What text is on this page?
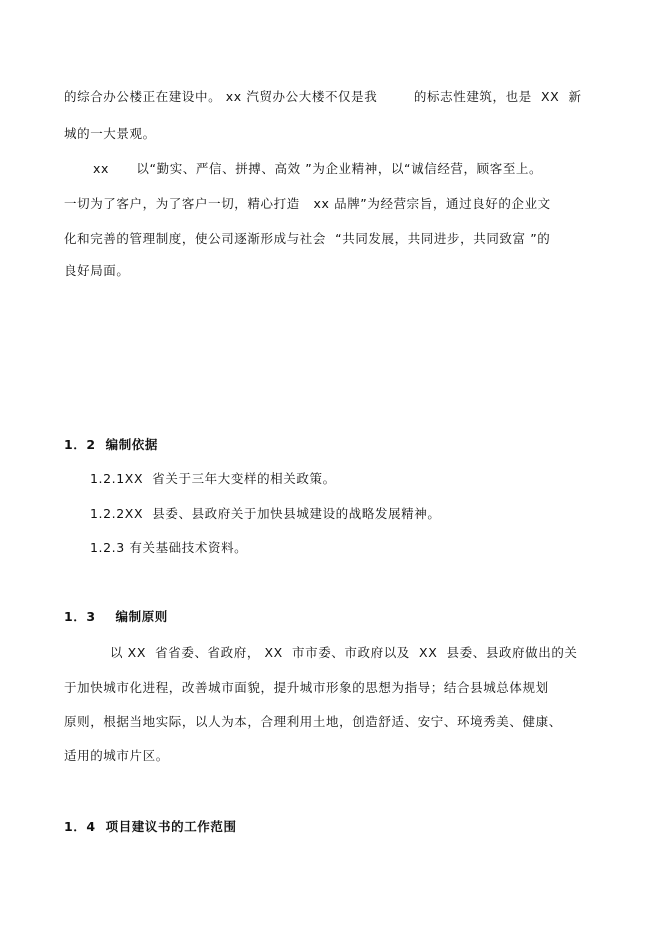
的综合办公楼正在建设中。 xx 汽贸办公大楼不仅是我        的标志性建筑，也是  XX  新
城的一大景观。
xx      以“勤实、严信、拼搏、高效 ”为企业精神，以“诚信经营，顾客至上。
一切为了客户，为了客户一切，精心打造   xx 品牌”为经营宗旨，通过良好的企业文
化和完善的管理制度，使公司逐渐形成与社会  “共同发展，共同进步，共同致富 ”的
良好局面。
1．2  编制依据
1.2.1XX  省关于三年大变样的相关政策。
1.2.2XX  县委、县政府关于加快县城建设的战略发展精神。
1.2.3 有关基础技术资料。
1．3    编制原则
以 XX  省省委、省政府， XX  市市委、市政府以及  XX  县委、县政府做出的关
于加快城市化进程，改善城市面貌，提升城市形象的思想为指导；结合县城总体规划
原则，根据当地实际，以人为本，合理利用土地，创造舒适、安宁、环境秀美、健康、
适用的城市片区。
1．4  项目建议书的工作范围
